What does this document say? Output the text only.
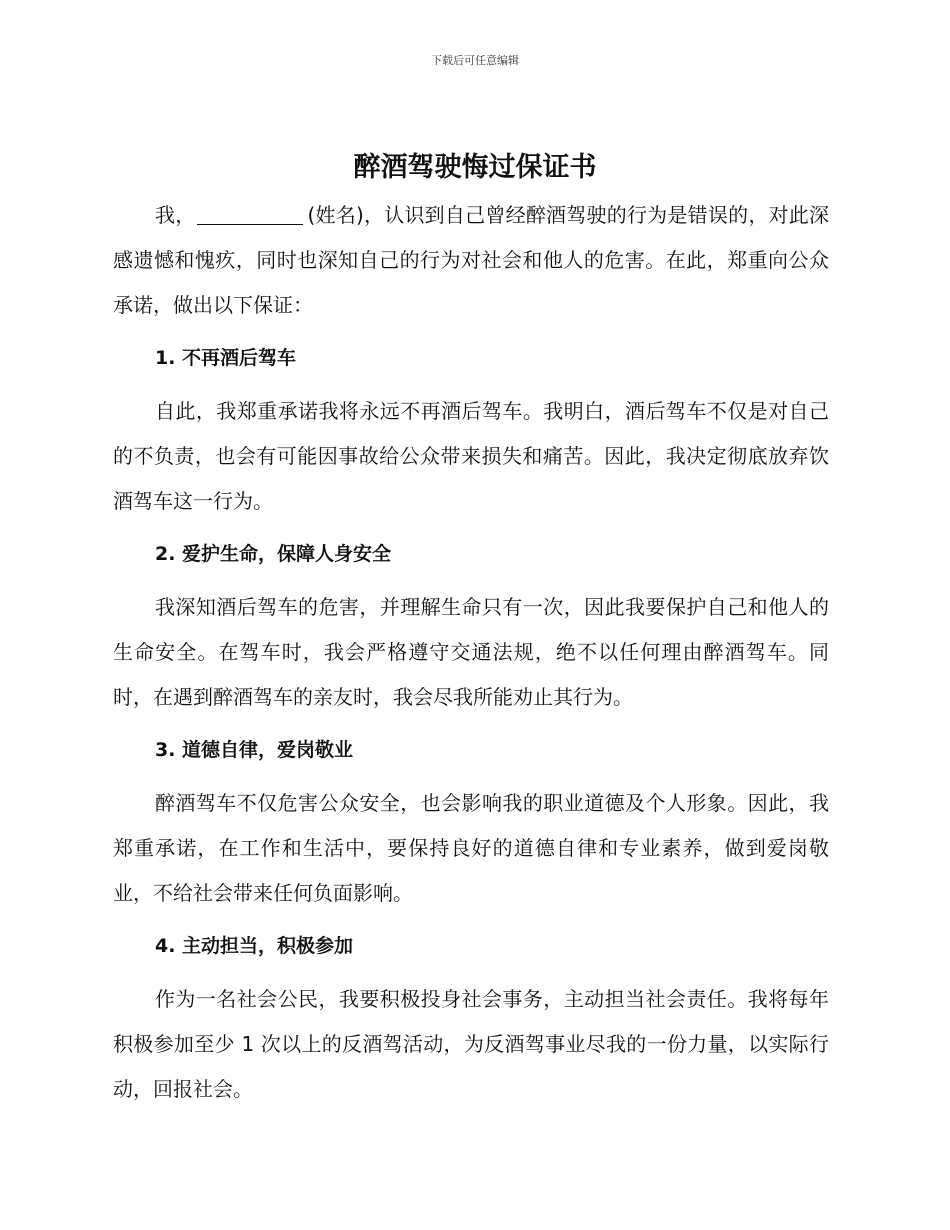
下载后可任意编辑
醉酒驾驶悔过保证书

我，	(姓名)，认识到自己曾经醉酒驾驶的行为是错误的，对此深感遗憾和愧疚，同时也深知自己的行为对社会和他人的危害。在此，郑重向公众承诺，做出以下保证：

1. 不再酒后驾车

自此，我郑重承诺我将永远不再酒后驾车。我明白，酒后驾车不仅是对自己的不负责，也会有可能因事故给公众带来损失和痛苦。因此，我决定彻底放弃饮酒驾车这一行为。

2. 爱护生命，保障人身安全

我深知酒后驾车的危害，并理解生命只有一次，因此我要保护自己和他人的生命安全。在驾车时，我会严格遵守交通法规，绝不以任何理由醉酒驾车。同时，在遇到醉酒驾车的亲友时，我会尽我所能劝止其行为。

3. 道德自律，爱岗敬业

醉酒驾车不仅危害公众安全，也会影响我的职业道德及个人形象。因此，我郑重承诺，在工作和生活中，要保持良好的道德自律和专业素养，做到爱岗敬业，不给社会带来任何负面影响。

4. 主动担当，积极参加

作为一名社会公民，我要积极投身社会事务，主动担当社会责任。我将每年积极参加至少 1 次以上的反酒驾活动，为反酒驾事业尽我的一份力量，以实际行动，回报社会。
